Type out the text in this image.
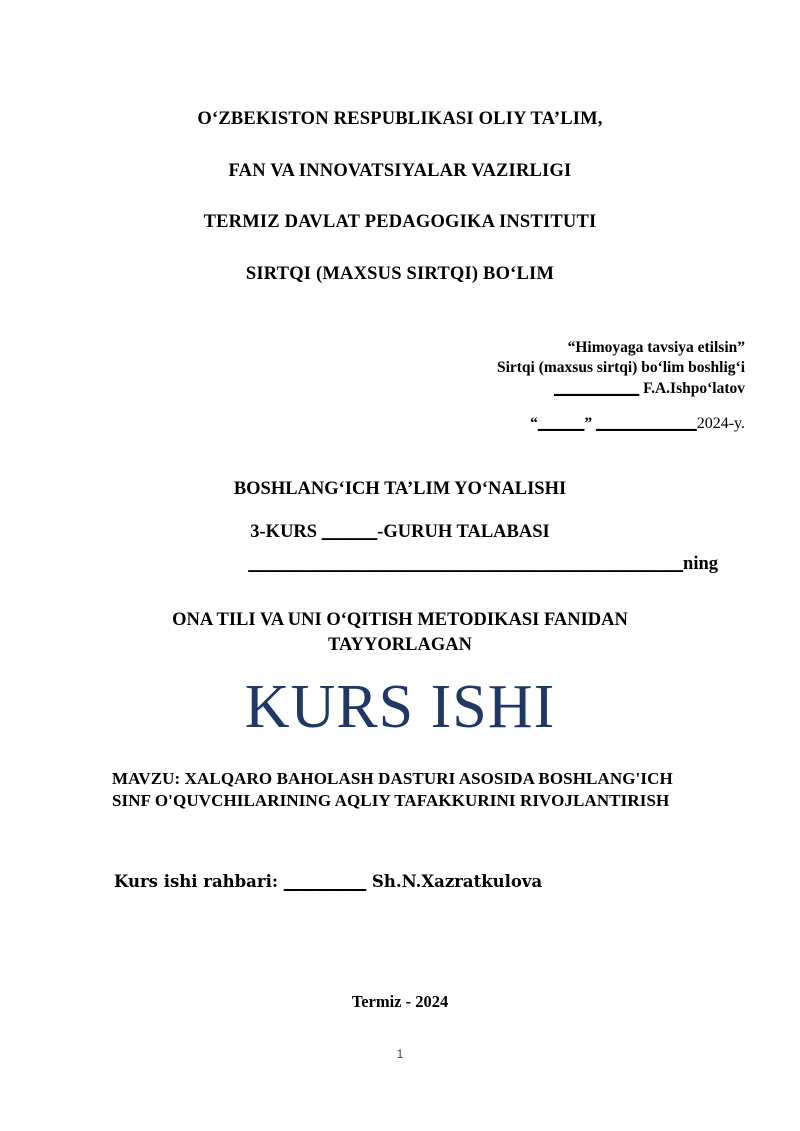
O‘ZBEKISTON RESPUBLIKASI OLIY TA’LIM,
FAN VA INNOVATSIYALAR VAZIRLIGI
TERMIZ DAVLAT PEDAGOGIKA INSTITUTI
SIRTQI (MAXSUS SIRTQI) BO‘LIM
“Himoyaga tavsiya etilsin”
Sirtqi (maxsus sirtqi) bo‘lim boshlig‘i
___________ F.A.Ishpo‘latov
“______” _____________2024-y.
BOSHLANG‘ICH TA’LIM YO‘NALISHI
3-KURS ______-GURUH TALABASI
_______________________________________________ning
ONA TILI VA UNI O‘QITISH METODIKASI FANIDAN
TAYYORLAGAN
KURS ISHI
MAVZU: XALQARO BAHOLASH DASTURI ASOSIDA BOSHLANG'ICH
SINF O'QUVCHILARINING AQLIY TAFAKKURINI RIVOJLANTIRISH
Kurs ishi rahbari: __________ Sh.N.Xazratkulova
Termiz - 2024
1
